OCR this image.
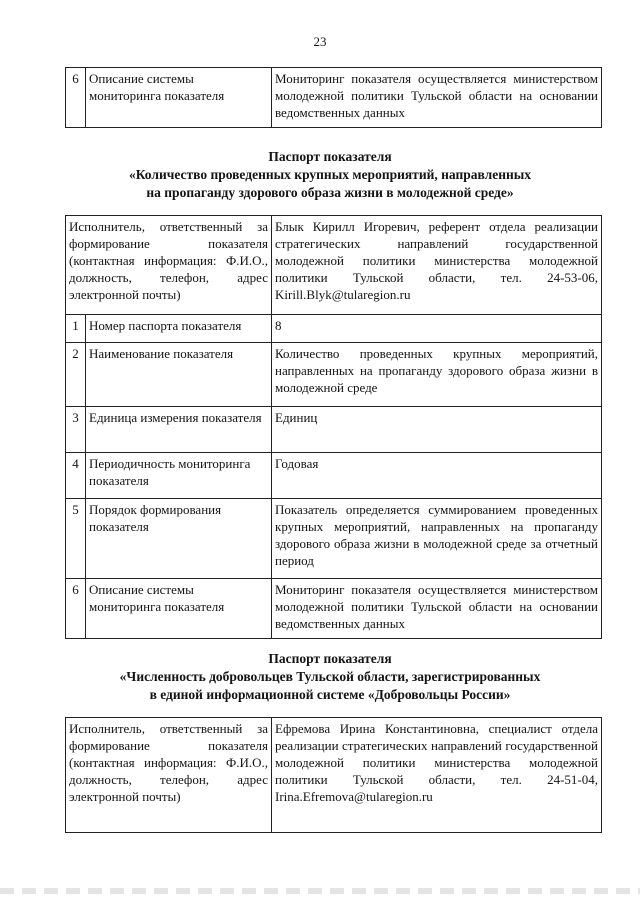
23
6	Описание системы мониторинга показателя	Мониторинг показателя осуществляется министерством молодежной политики Тульской области на основании ведомственных данных
Паспорт показателя
«Количество проведенных крупных мероприятий, направленных
на пропаганду здорового образа жизни в молодежной среде»
Исполнитель, ответственный за формирование показателя (контактная информация: Ф.И.О., должность, телефон, адрес электронной почты)	Блык Кирилл Игоревич, референт отдела реализации стратегических направлений государственной молодежной политики министерства молодежной политики Тульской области, тел. 24-53-06, Kirill.Blyk@tularegion.ru
1	Номер паспорта показателя	8
2	Наименование показателя	Количество проведенных крупных мероприятий, направленных на пропаганду здорового образа жизни в молодежной среде
3	Единица измерения показателя	Единиц
4	Периодичность мониторинга показателя	Годовая
5	Порядок формирования показателя	Показатель определяется суммированием проведенных крупных мероприятий, направленных на пропаганду здорового образа жизни в молодежной среде за отчетный период
6	Описание системы мониторинга показателя	Мониторинг показателя осуществляется министерством молодежной политики Тульской области на основании ведомственных данных
Паспорт показателя
«Численность добровольцев Тульской области, зарегистрированных
в единой информационной системе «Добровольцы России»
Исполнитель, ответственный за формирование показателя (контактная информация: Ф.И.О., должность, телефон, адрес электронной почты)	Ефремова Ирина Константиновна, специалист отдела реализации стратегических направлений государственной молодежной политики министерства молодежной политики Тульской области, тел. 24-51-04, Irina.Efremova@tularegion.ru
